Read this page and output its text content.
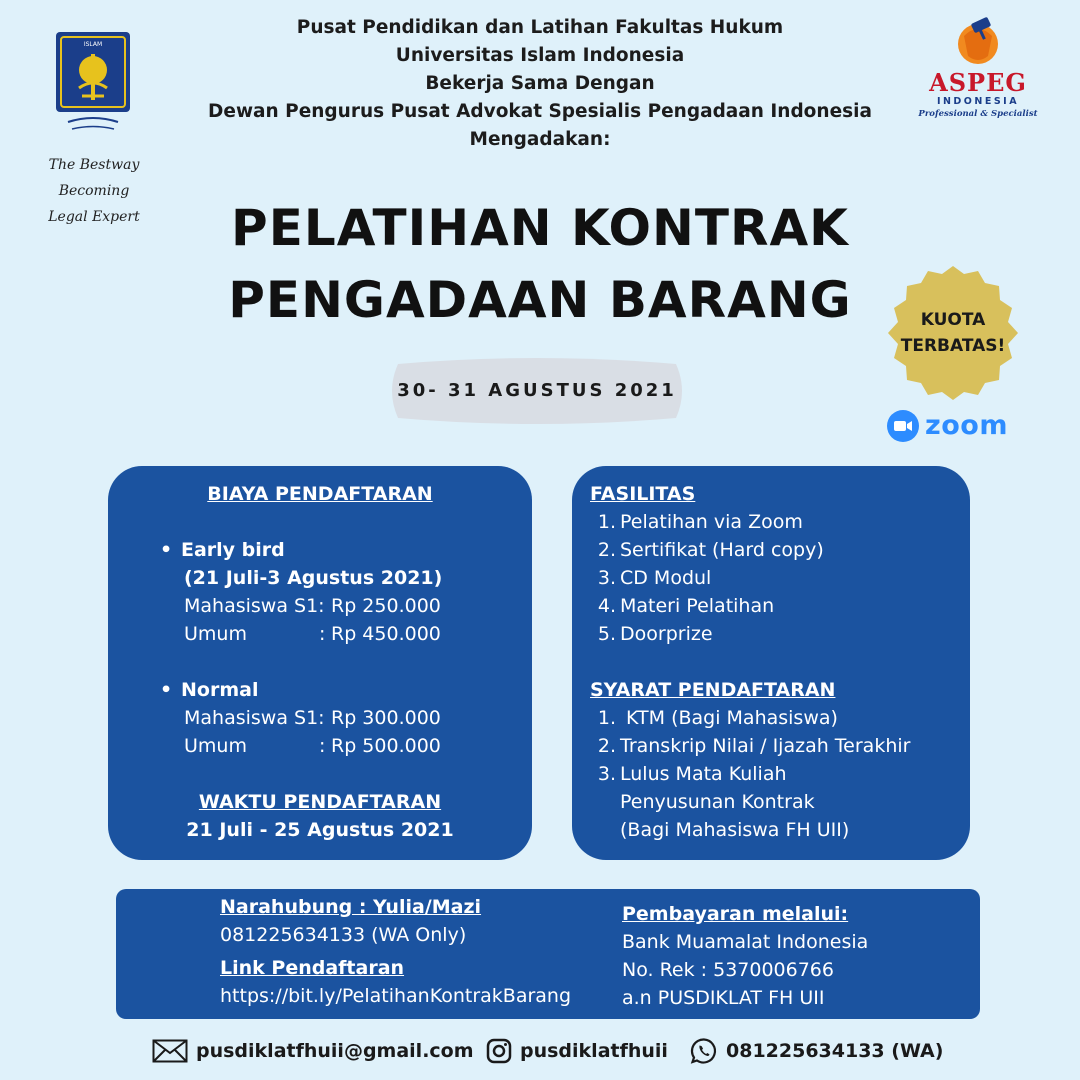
Pusat Pendidikan dan Latihan Fakultas Hukum
Universitas Islam Indonesia
Bekerja Sama Dengan
Dewan Pengurus Pusat Advokat Spesialis Pengadaan Indonesia
Mengadakan:
ISLAM
The Bestway Becoming
Legal Expert
ASPEG
INDONESIA
Professional & Specialist
PELATIHAN KONTRAK
PENGADAAN BARANG
30- 31 AGUSTUS 2021
KUOTA
TERBATAS!
zoom
BIAYA PENDAFTARAN
• Early bird
(21 Juli-3 Agustus 2021)
Mahasiswa S1: Rp 250.000
Umum	: Rp 450.000
• Normal
Mahasiswa S1: Rp 300.000
Umum	: Rp 500.000
WAKTU PENDAFTARAN
21 Juli - 25 Agustus 2021
FASILITAS
1. Pelatihan via Zoom
2. Sertifikat (Hard copy)
3. CD Modul
4. Materi Pelatihan
5. Doorprize
SYARAT PENDAFTARAN
1. KTM (Bagi Mahasiswa)
2. Transkrip Nilai / Ijazah Terakhir
3. Lulus Mata Kuliah
Penyusunan Kontrak
(Bagi Mahasiswa FH UII)
Narahubung : Yulia/Mazi
081225634133 (WA Only)
Link Pendaftaran
https://bit.ly/PelatihanKontrakBarang
Pembayaran melalui:
Bank Muamalat Indonesia
No. Rek : 5370006766
a.n PUSDIKLAT FH UII
pusdiklatfhuii@gmail.com pusdiklatfhuii	081225634133 (WA)
